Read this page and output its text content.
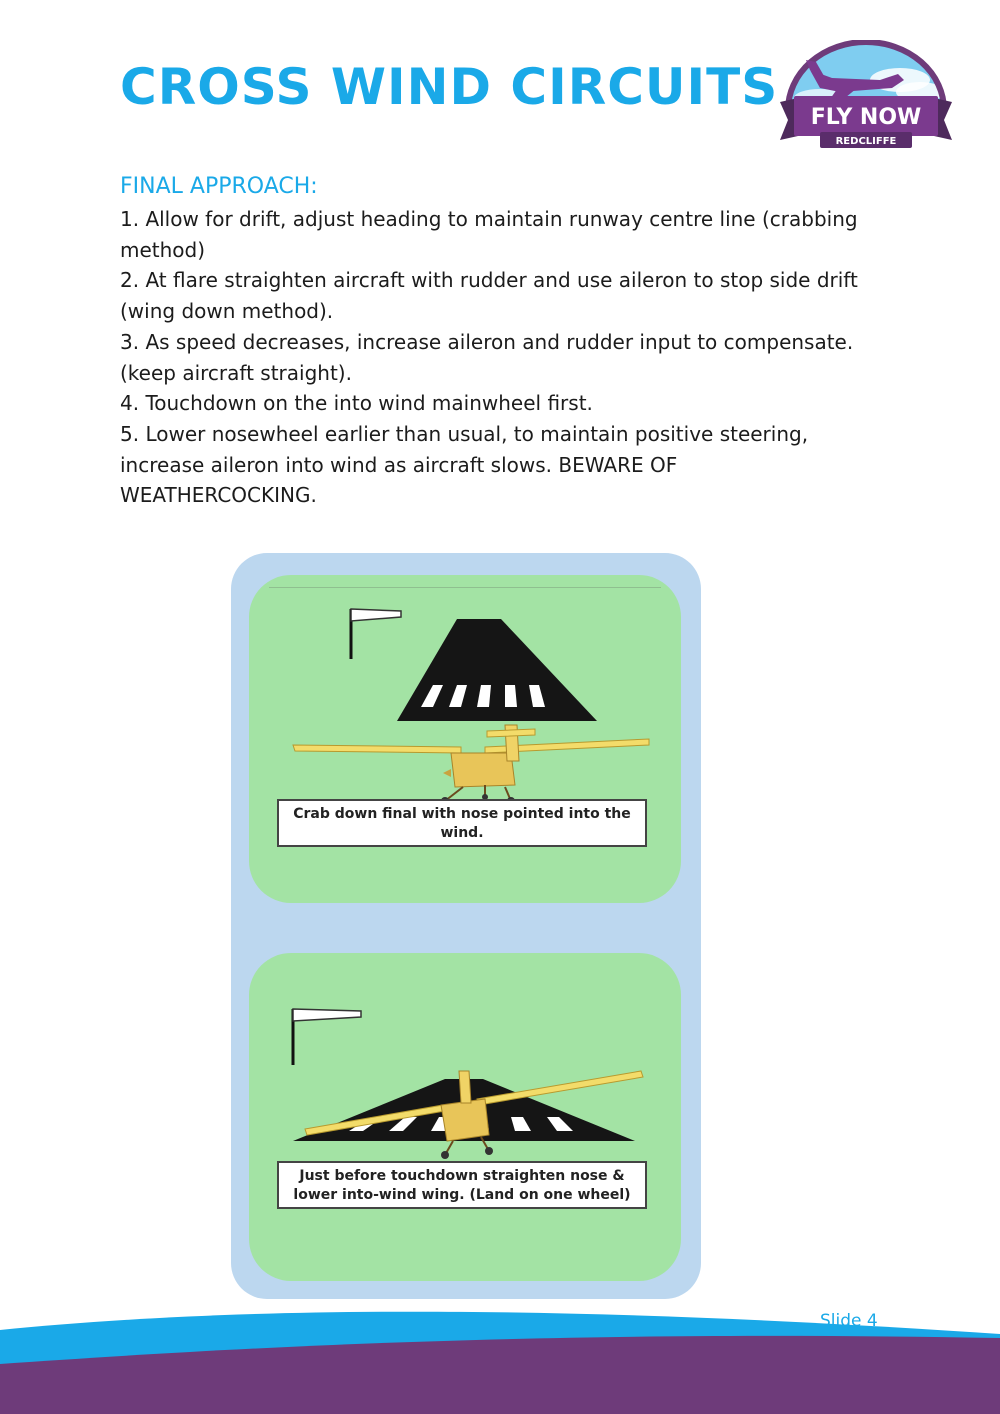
CROSS WIND CIRCUITS
FLY NOW
REDCLIFFE
FINAL APPROACH:
1. Allow for drift, adjust heading to maintain runway centre line (crabbing method)
2. At flare straighten aircraft with rudder and use aileron to stop side drift (wing down method).
3. As speed decreases, increase aileron and rudder input to compensate. (keep aircraft straight).
4. Touchdown on the into wind mainwheel first.
5. Lower nosewheel earlier than usual, to maintain positive steering, increase aileron into wind as aircraft slows. BEWARE OF WEATHERCOCKING.
Crab down final with nose pointed into the wind.
Just before touchdown straighten nose & lower into-wind wing. (Land on one wheel)
Slide 4
